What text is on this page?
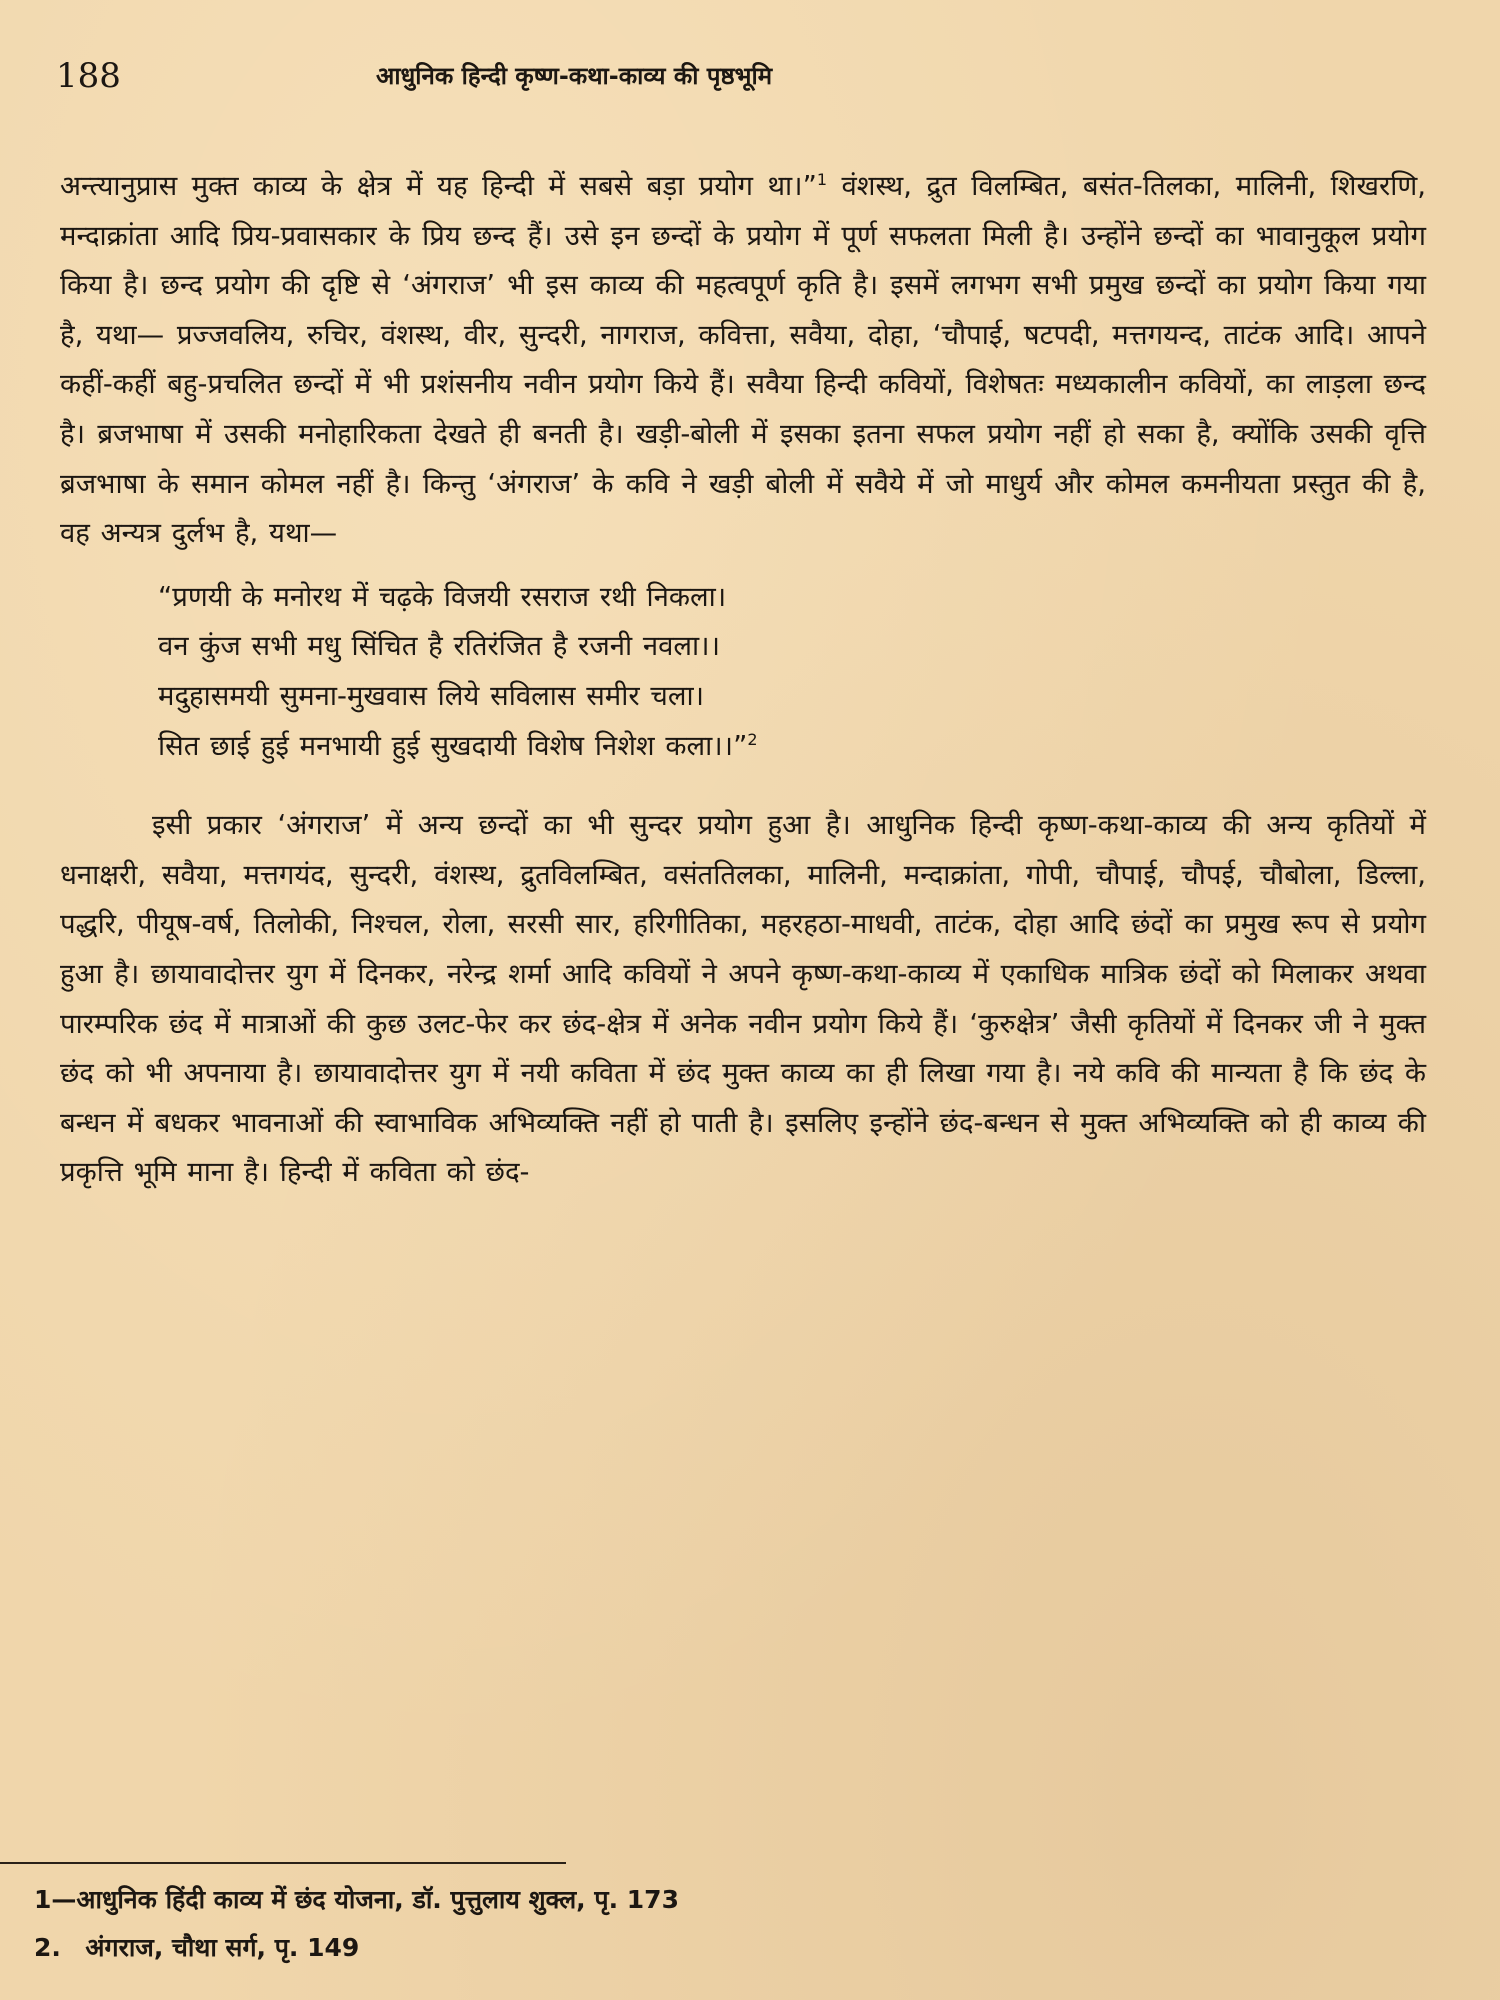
188	आधुनिक हिन्दी कृष्ण-कथा-काव्य की पृष्ठभूमि

अन्त्यानुप्रास मुक्त काव्य के क्षेत्र में यह हिन्दी में सबसे बड़ा प्रयोग था।”$^1$ वंशस्थ, द्रुत विलम्बित, बसंत-तिलका, मालिनी, शिखरणि, मन्दाक्रांता आदि प्रिय-प्रवासकार के प्रिय छन्द हैं। उसे इन छन्दों के प्रयोग में पूर्ण सफलता मिली है। उन्होंने छन्दों का भावानुकूल प्रयोग किया है। छन्द प्रयोग की दृष्टि से ‘अंगराज’ भी इस काव्य की महत्वपूर्ण कृति है। इसमें लगभग सभी प्रमुख छन्दों का प्रयोग किया गया है, यथा— प्रज्जवलिय, रुचिर, वंशस्थ, वीर, सुन्दरी, नागराज, कवित्ता, सवैया, दोहा, ‘चौपाई, षटपदी, मत्तगयन्द, ताटंक आदि। आपने कहीं-कहीं बहु-प्रचलित छन्दों में भी प्रशंसनीय नवीन प्रयोग किये हैं। सवैया हिन्दी कवियों, विशेषतः मध्यकालीन कवियों, का लाड़ला छन्द है। ब्रजभाषा में उसकी मनोहारिकता देखते ही बनती है। खड़ी-बोली में इसका इतना सफल प्रयोग नहीं हो सका है, क्योंकि उसकी वृत्ति ब्रजभाषा के समान कोमल नहीं है। किन्तु ‘अंगराज’ के कवि ने खड़ी बोली में सवैये में जो माधुर्य और कोमल कमनीयता प्रस्तुत की है, वह अन्यत्र दुर्लभ है, यथा—

“प्रणयी के मनोरथ में चढ़के विजयी रसराज रथी निकला।
वन कुंज सभी मधु सिंचित है रतिरंजित है रजनी नवला।।
मदुहासमयी सुमना-मुखवास लिये सविलास समीर चला।
सित छाई हुई मनभायी हुई सुखदायी विशेष निशेश कला।।”$^2$

इसी प्रकार ‘अंगराज’ में अन्य छन्दों का भी सुन्दर प्रयोग हुआ है। आधुनिक हिन्दी कृष्ण-कथा-काव्य की अन्य कृतियों में धनाक्षरी, सवैया, मत्तगयंद, सुन्दरी, वंशस्थ, द्रुतविलम्बित, वसंततिलका, मालिनी, मन्दाक्रांता, गोपी, चौपाई, चौपई, चौबोला, डिल्ला, पद्धरि, पीयूष-वर्ष, तिलोकी, निश्चल, रोला, सरसी सार, हरिगीतिका, महरहठा-माधवी, ताटंक, दोहा आदि छंदों का प्रमुख रूप से प्रयोग हुआ है। छायावादोत्तर युग में दिनकर, नरेन्द्र शर्मा आदि कवियों ने अपने कृष्ण-कथा-काव्य में एकाधिक मात्रिक छंदों को मिलाकर अथवा पारम्परिक छंद में मात्राओं की कुछ उलट-फेर कर छंद-क्षेत्र में अनेक नवीन प्रयोग किये हैं। ‘कुरुक्षेत्र’ जैसी कृतियों में दिनकर जी ने मुक्त छंद को भी अपनाया है। छायावादोत्तर युग में नयी कविता में छंद मुक्त काव्य का ही लिखा गया है। नये कवि की मान्यता है कि छंद के बन्धन में बधकर भावनाओं की स्वाभाविक अभिव्यक्ति नहीं हो पाती है। इसलिए इन्होंने छंद-बन्धन से मुक्त अभिव्यक्ति को ही काव्य की प्रकृत्ति भूमि माना है। हिन्दी में कविता को छंद-

1—आधुनिक हिंदी काव्य में छंद योजना, डॉ. पुत्तुलाय शुक्ल, पृ. 173
2. अंगराज, चौथा सर्ग, पृ. 149
